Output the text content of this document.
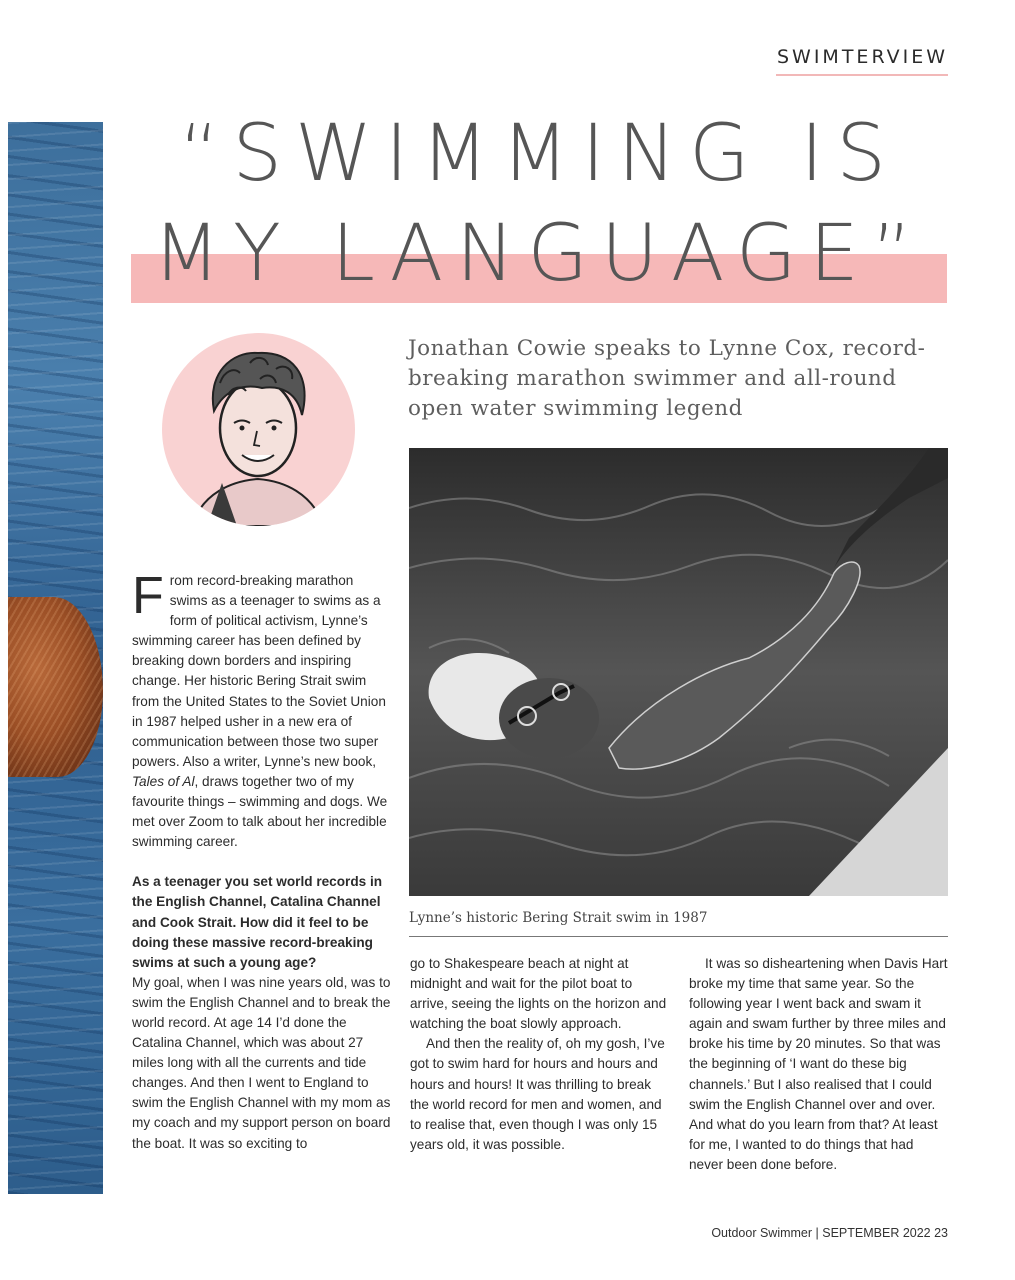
SWIMTERVIEW
“SWIMMING IS
MY LANGUAGE”

Jonathan Cowie speaks to Lynne Cox, record-breaking marathon swimmer and all-round open water swimming legend

Lynne’s historic Bering Strait swim in 1987

From record-breaking marathon swims as a teenager to swims as a form of political activism, Lynne’s swimming career has been defined by breaking down borders and inspiring change. Her historic Bering Strait swim from the United States to the Soviet Union in 1987 helped usher in a new era of communication between those two super powers. Also a writer, Lynne’s new book, Tales of Al, draws together two of my favourite things – swimming and dogs. We met over Zoom to talk about her incredible swimming career.

As a teenager you set world records in the English Channel, Catalina Channel and Cook Strait. How did it feel to be doing these massive record-breaking swims at such a young age?

My goal, when I was nine years old, was to swim the English Channel and to break the world record. At age 14 I’d done the Catalina Channel, which was about 27 miles long with all the currents and tide changes. And then I went to England to swim the English Channel with my mom as my coach and my support person on board the boat. It was so exciting to

go to Shakespeare beach at night at midnight and wait for the pilot boat to arrive, seeing the lights on the horizon and watching the boat slowly approach.

And then the reality of, oh my gosh, I’ve got to swim hard for hours and hours and hours and hours! It was thrilling to break the world record for men and women, and to realise that, even though I was only 15 years old, it was possible.

It was so disheartening when Davis Hart broke my time that same year. So the following year I went back and swam it again and swam further by three miles and broke his time by 20 minutes. So that was the beginning of ‘I want do these big channels.’ But I also realised that I could swim the English Channel over and over. And what do you learn from that? At least for me, I wanted to do things that had never been done before.

Outdoor Swimmer | SEPTEMBER 2022 23
